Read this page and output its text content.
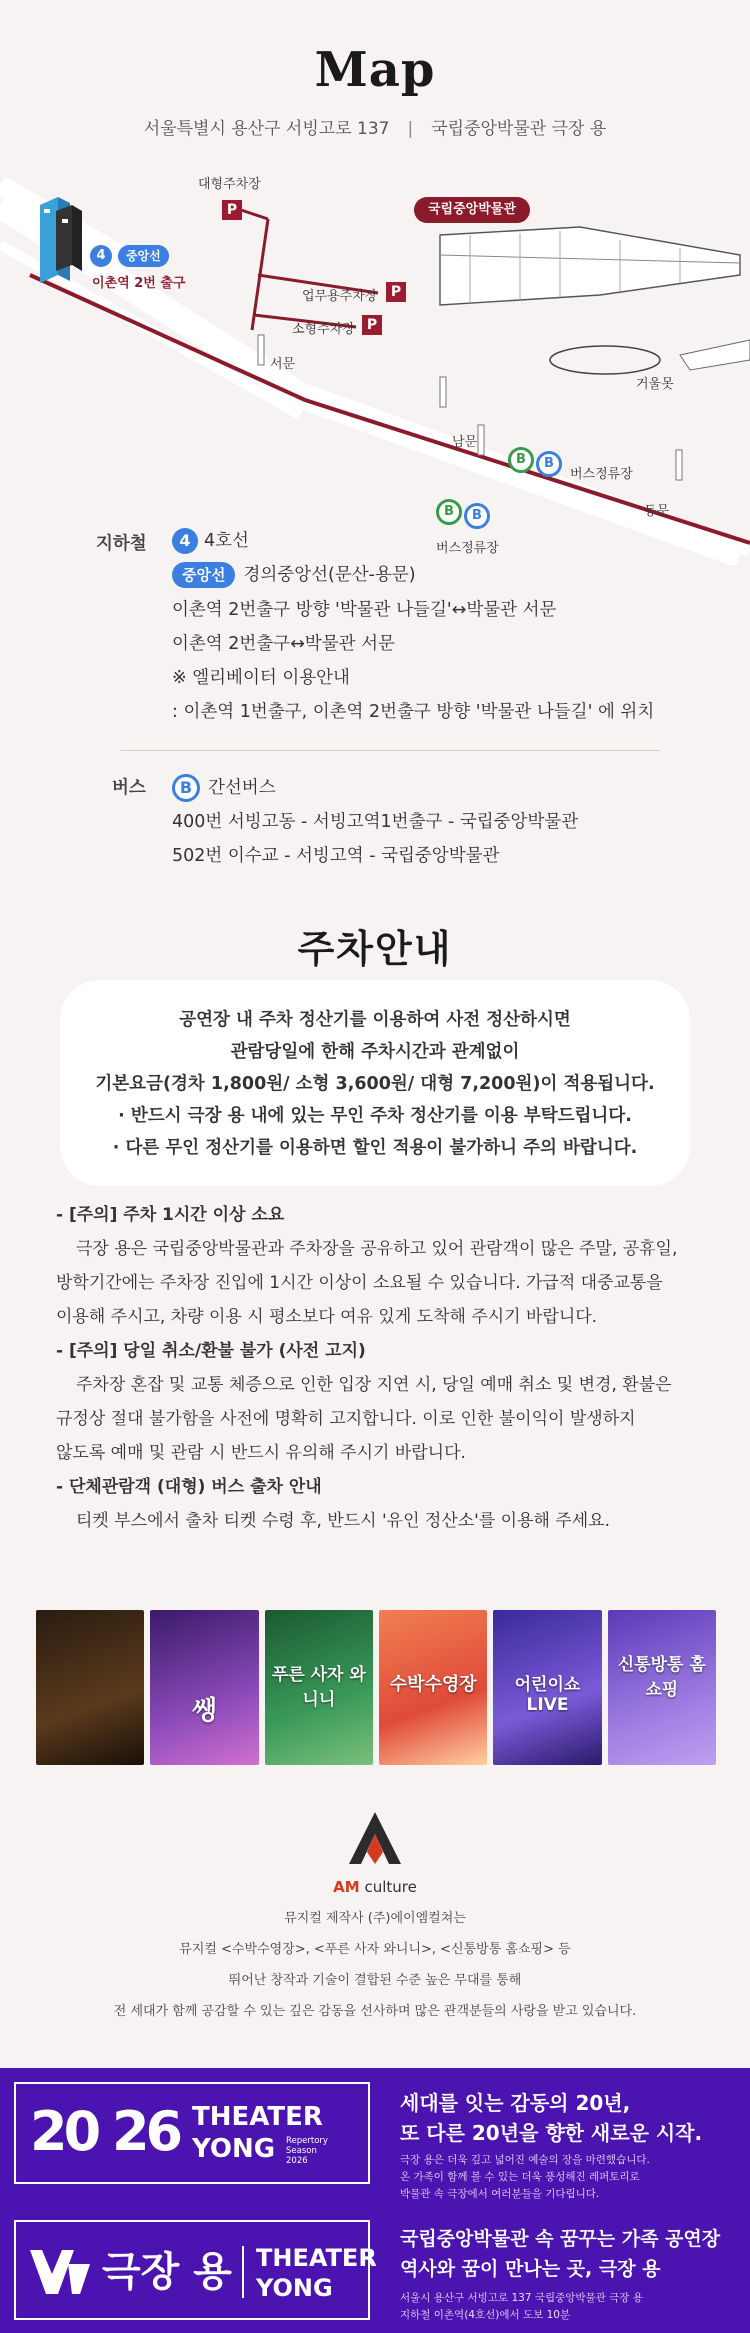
Map
서울특별시 용산구 서빙고로 137 | 국립중앙박물관 극장 용
대형주차장
P
업무용주차장 P
소형주차장 P
국립중앙박물관
서문
거울못
남문
동문
버스정류장
버스정류장
B	B
B	B
4	중앙선
이촌역 2번 출구
지하철	4 4호선
중앙선 경의중앙선(문산-용문)
이촌역 2번출구 방향 '박물관 나들길'↔박물관 서문
이촌역 2번출구↔박물관 서문
※ 엘리베이터 이용안내
: 이촌역 1번출구, 이촌역 2번출구 방향 '박물관 나들길' 에 위치
버스	B 간선버스
400번 서빙고동 - 서빙고역1번출구 - 국립중앙박물관
502번 이수교 - 서빙고역 - 국립중앙박물관
주차안내
공연장 내 주차 정산기를 이용하여 사전 정산하시면
관람당일에 한해 주차시간과 관계없이
기본요금(경차 1,800원/ 소형 3,600원/ 대형 7,200원)이 적용됩니다.
· 반드시 극장 용 내에 있는 무인 주차 정산기를 이용 부탁드립니다.
· 다른 무인 정산기를 이용하면 할인 적용이 불가하니 주의 바랍니다.
- [주의] 주차 1시간 이상 소요
극장 용은 국립중앙박물관과 주차장을 공유하고 있어 관람객이 많은 주말, 공휴일,
방학기간에는 주차장 진입에 1시간 이상이 소요될 수 있습니다. 가급적 대중교통을
이용해 주시고, 차량 이용 시 평소보다 여유 있게 도착해 주시기 바랍니다.
- [주의] 당일 취소/환불 불가 (사전 고지)
주차장 혼잡 및 교통 체증으로 인한 입장 지연 시, 당일 예매 취소 및 변경, 환불은
규정상 절대 불가함을 사전에 명확히 고지합니다. 이로 인한 불이익이 발생하지
않도록 예매 및 관람 시 반드시 유의해 주시기 바랍니다.
- 단체관람객 (대형) 버스 출차 안내
티켓 부스에서 출차 티켓 수령 후, 반드시 '유인 정산소'를 이용해 주세요.
쌩
푸른 사자 와니니
수박수영장	어린이쇼 LIVE
신통방통 홈쇼핑
AM culture
뮤지컬 제작사 (주)에이엠컬쳐는
뮤지컬 <수박수영장>, <푸른 사자 와니니>, <신통방통 홈쇼핑> 등
뛰어난 창작과 기술이 결합된 수준 높은 무대를 통해
전 세대가 함께 공감할 수 있는 깊은 감동을 선사하며 많은 관객분들의 사랑을 받고 있습니다.
20 26 THEATER
YONG Repertory
Season
2026
세대를 잇는 감동의 20년,
또 다른 20년을 향한 새로운 시작.
극장 용은 더욱 깊고 넓어진 예술의 장을 마련했습니다.
온 가족이 함께 볼 수 있는 더욱 풍성해진 레퍼토리로
박물관 속 극장에서 여러분들을 기다립니다.
극장 용 THEATER
YONG
국립중앙박물관 속 꿈꾸는 가족 공연장
역사와 꿈이 만나는 곳, 극장 용
서울시 용산구 서빙고로 137 국립중앙박물관 극장 용
지하철 이촌역(4호선)에서 도보 10분
